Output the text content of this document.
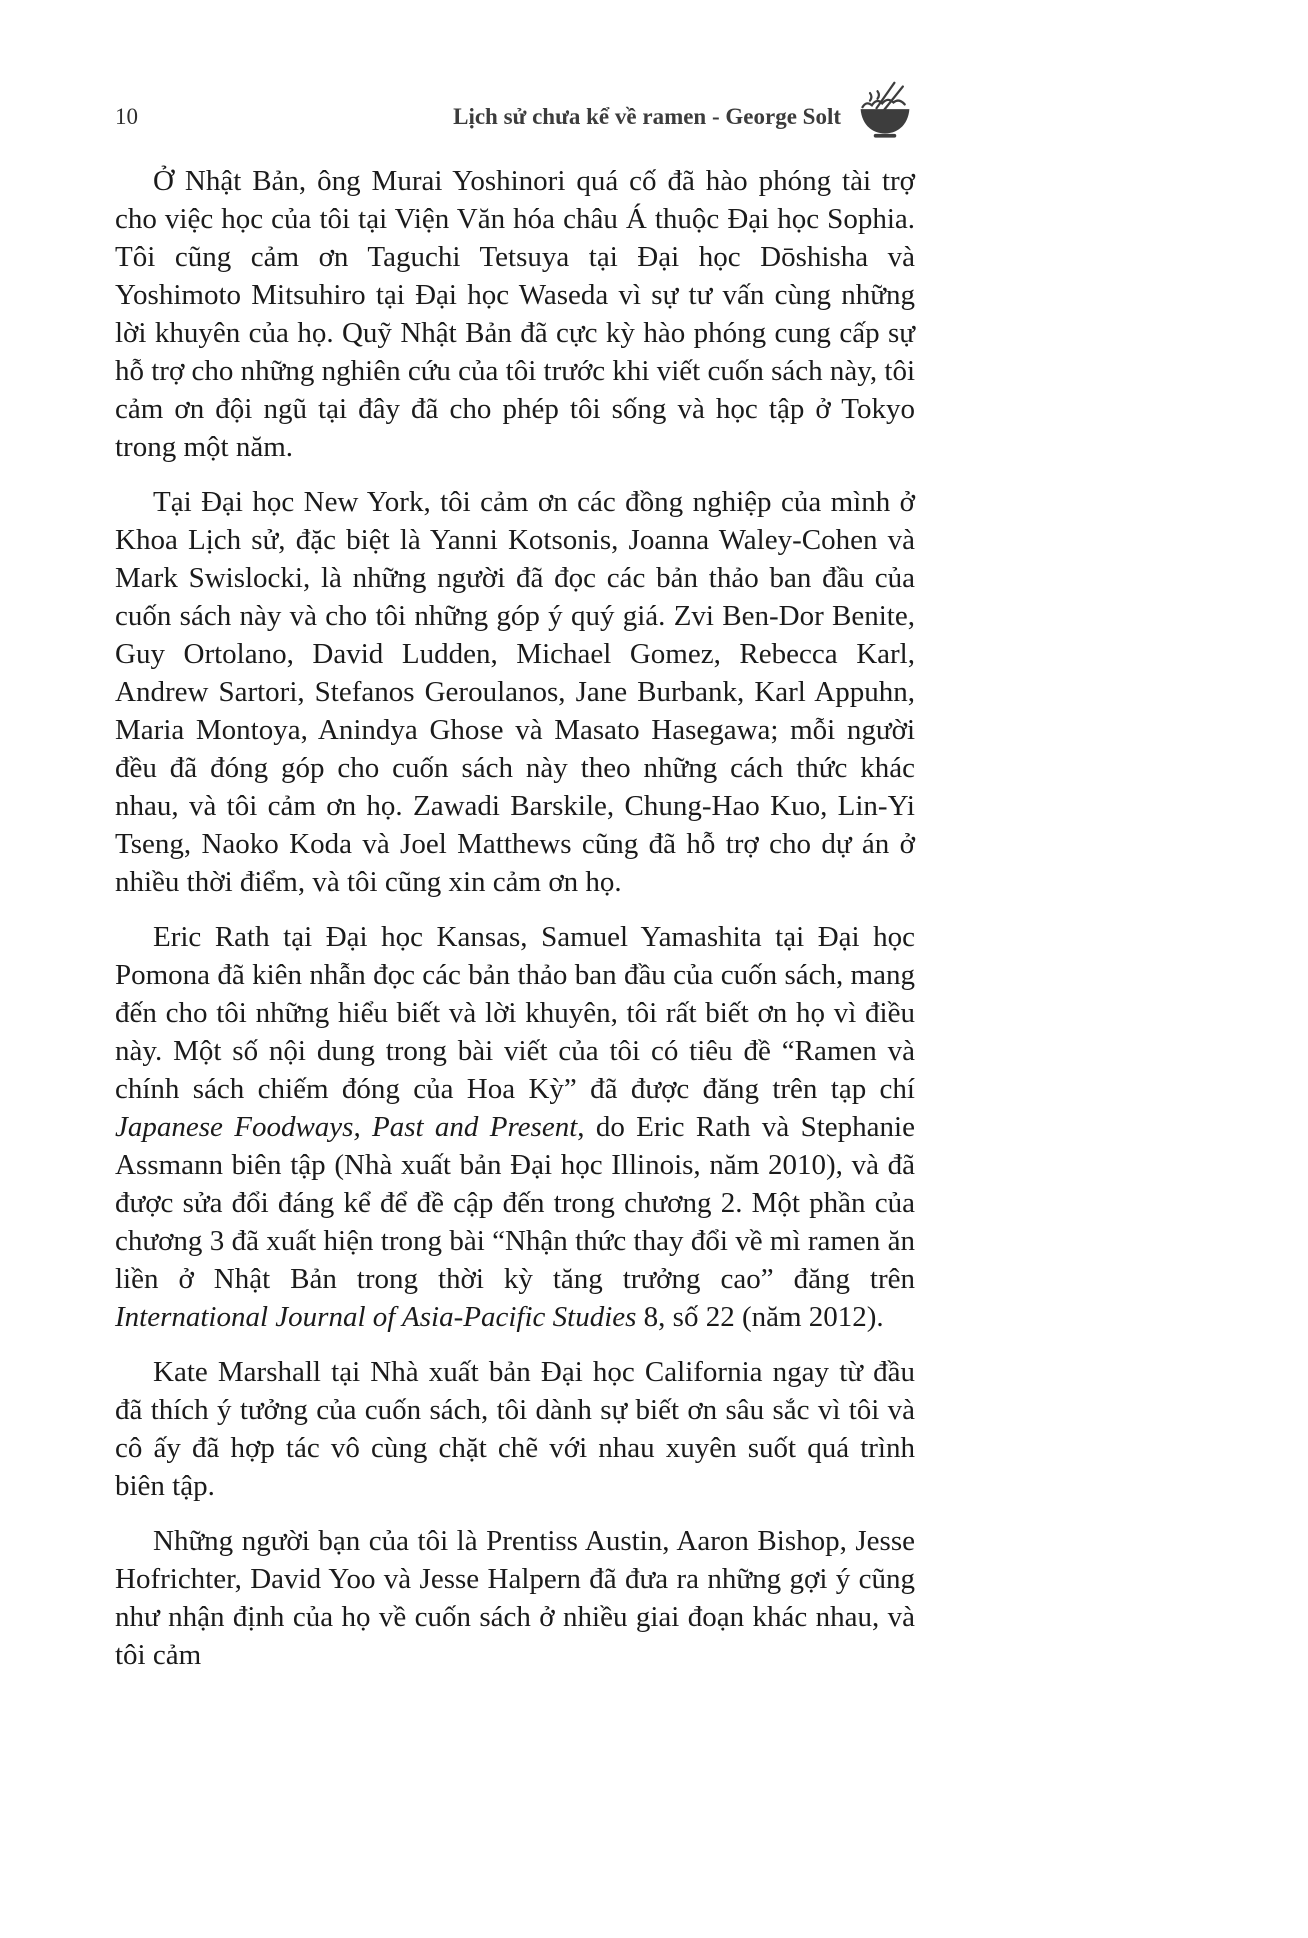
10	Lịch sử chưa kể về ramen - George Solt

Ở Nhật Bản, ông Murai Yoshinori quá cố đã hào phóng tài trợ cho việc học của tôi tại Viện Văn hóa châu Á thuộc Đại học Sophia. Tôi cũng cảm ơn Taguchi Tetsuya tại Đại học Dōshisha và Yoshimoto Mitsuhiro tại Đại học Waseda vì sự tư vấn cùng những lời khuyên của họ. Quỹ Nhật Bản đã cực kỳ hào phóng cung cấp sự hỗ trợ cho những nghiên cứu của tôi trước khi viết cuốn sách này, tôi cảm ơn đội ngũ tại đây đã cho phép tôi sống và học tập ở Tokyo trong một năm.

Tại Đại học New York, tôi cảm ơn các đồng nghiệp của mình ở Khoa Lịch sử, đặc biệt là Yanni Kotsonis, Joanna Waley-Cohen và Mark Swislocki, là những người đã đọc các bản thảo ban đầu của cuốn sách này và cho tôi những góp ý quý giá. Zvi Ben-Dor Benite, Guy Ortolano, David Ludden, Michael Gomez, Rebecca Karl, Andrew Sartori, Stefanos Geroulanos, Jane Burbank, Karl Appuhn, Maria Montoya, Anindya Ghose và Masato Hasegawa; mỗi người đều đã đóng góp cho cuốn sách này theo những cách thức khác nhau, và tôi cảm ơn họ. Zawadi Barskile, Chung-Hao Kuo, Lin-Yi Tseng, Naoko Koda và Joel Matthews cũng đã hỗ trợ cho dự án ở nhiều thời điểm, và tôi cũng xin cảm ơn họ.

Eric Rath tại Đại học Kansas, Samuel Yamashita tại Đại học Pomona đã kiên nhẫn đọc các bản thảo ban đầu của cuốn sách, mang đến cho tôi những hiểu biết và lời khuyên, tôi rất biết ơn họ vì điều này. Một số nội dung trong bài viết của tôi có tiêu đề “Ramen và chính sách chiếm đóng của Hoa Kỳ” đã được đăng trên tạp chí Japanese Foodways, Past and Present, do Eric Rath và Stephanie Assmann biên tập (Nhà xuất bản Đại học Illinois, năm 2010), và đã được sửa đổi đáng kể để đề cập đến trong chương 2. Một phần của chương 3 đã xuất hiện trong bài “Nhận thức thay đổi về mì ramen ăn liền ở Nhật Bản trong thời kỳ tăng trưởng cao” đăng trên International Journal of Asia-Pacific Studies 8, số 22 (năm 2012).

Kate Marshall tại Nhà xuất bản Đại học California ngay từ đầu đã thích ý tưởng của cuốn sách, tôi dành sự biết ơn sâu sắc vì tôi và cô ấy đã hợp tác vô cùng chặt chẽ với nhau xuyên suốt quá trình biên tập.

Những người bạn của tôi là Prentiss Austin, Aaron Bishop, Jesse Hofrichter, David Yoo và Jesse Halpern đã đưa ra những gợi ý cũng như nhận định của họ về cuốn sách ở nhiều giai đoạn khác nhau, và tôi cảm
